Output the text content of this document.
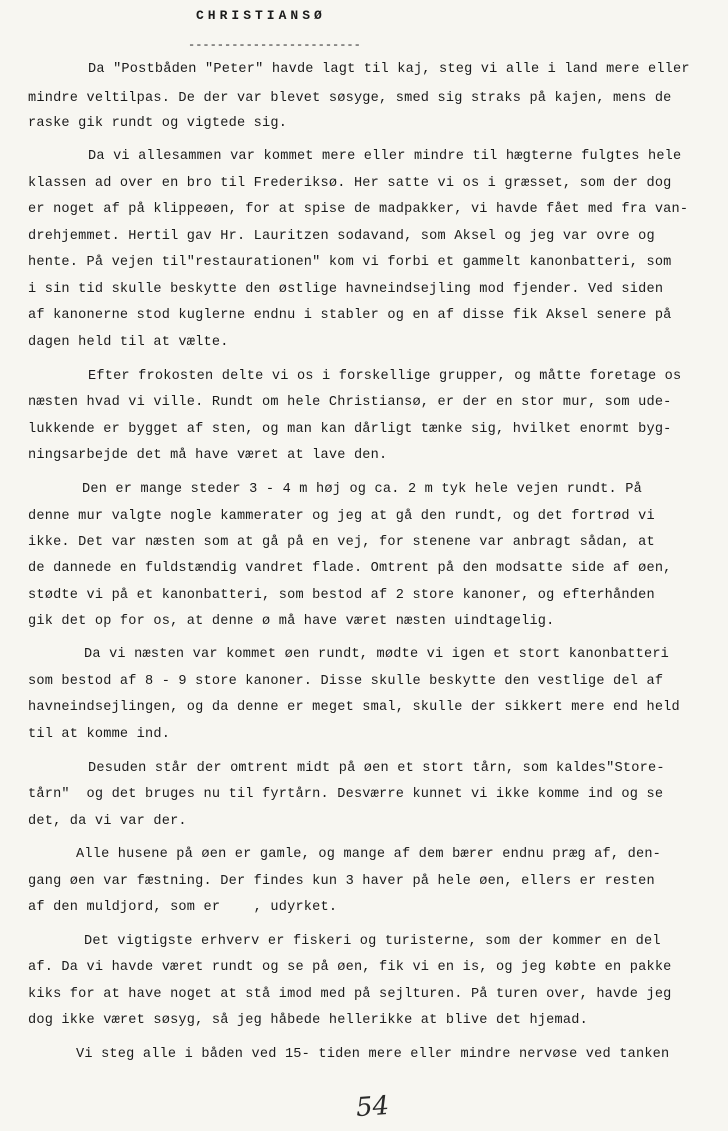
CHRISTIANSØ
------------------------

Da "Postbåden "Peter" havde lagt til kaj, steg vi alle i land mere eller

mindre veltilpas. De der var blevet søsyge, smed sig straks på kajen, mens de

raske gik rundt og vigtede sig.

Da vi allesammen var kommet mere eller mindre til hægterne fulgtes hele

klassen ad over en bro til Frederiksø. Her satte vi os i græsset, som der dog

er noget af på klippeøen, for at spise de madpakker, vi havde fået med fra van-

drehjemmet. Hertil gav Hr. Lauritzen sodavand, som Aksel og jeg var ovre og

hente. På vejen til"restaurationen" kom vi forbi et gammelt kanonbatteri, som

i sin tid skulle beskytte den østlige havneindsejling mod fjender. Ved siden

af kanonerne stod kuglerne endnu i stabler og en af disse fik Aksel senere på

dagen held til at vælte.

Efter frokosten delte vi os i forskellige grupper, og måtte foretage os

næsten hvad vi ville. Rundt om hele Christiansø, er der en stor mur, som ude-

lukkende er bygget af sten, og man kan dårligt tænke sig, hvilket enormt byg-

ningsarbejde det må have været at lave den.

Den er mange steder 3 - 4 m høj og ca. 2 m tyk hele vejen rundt. På

denne mur valgte nogle kammerater og jeg at gå den rundt, og det fortrød vi

ikke. Det var næsten som at gå på en vej, for stenene var anbragt sådan, at

de dannede en fuldstændig vandret flade. Omtrent på den modsatte side af øen,

stødte vi på et kanonbatteri, som bestod af 2 store kanoner, og efterhånden

gik det op for os, at denne ø må have været næsten uindtagelig.

Da vi næsten var kommet øen rundt, mødte vi igen et stort kanonbatteri

som bestod af 8 - 9 store kanoner. Disse skulle beskytte den vestlige del af

havneindsejlingen, og da denne er meget smal, skulle der sikkert mere end held

til at komme ind.

Desuden står der omtrent midt på øen et stort tårn, som kaldes"Store-

tårn"  og det bruges nu til fyrtårn. Desværre kunnet vi ikke komme ind og se

det, da vi var der.

Alle husene på øen er gamle, og mange af dem bærer endnu præg af, den-

gang øen var fæstning. Der findes kun 3 haver på hele øen, ellers er resten

af den muldjord, som er    , udyrket.

Det vigtigste erhverv er fiskeri og turisterne, som der kommer en del

af. Da vi havde været rundt og se på øen, fik vi en is, og jeg købte en pakke

kiks for at have noget at stå imod med på sejlturen. På turen over, havde jeg

dog ikke været søsyg, så jeg håbede hellerikke at blive det hjemad.

Vi steg alle i båden ved 15- tiden mere eller mindre nervøse ved tanken

54
